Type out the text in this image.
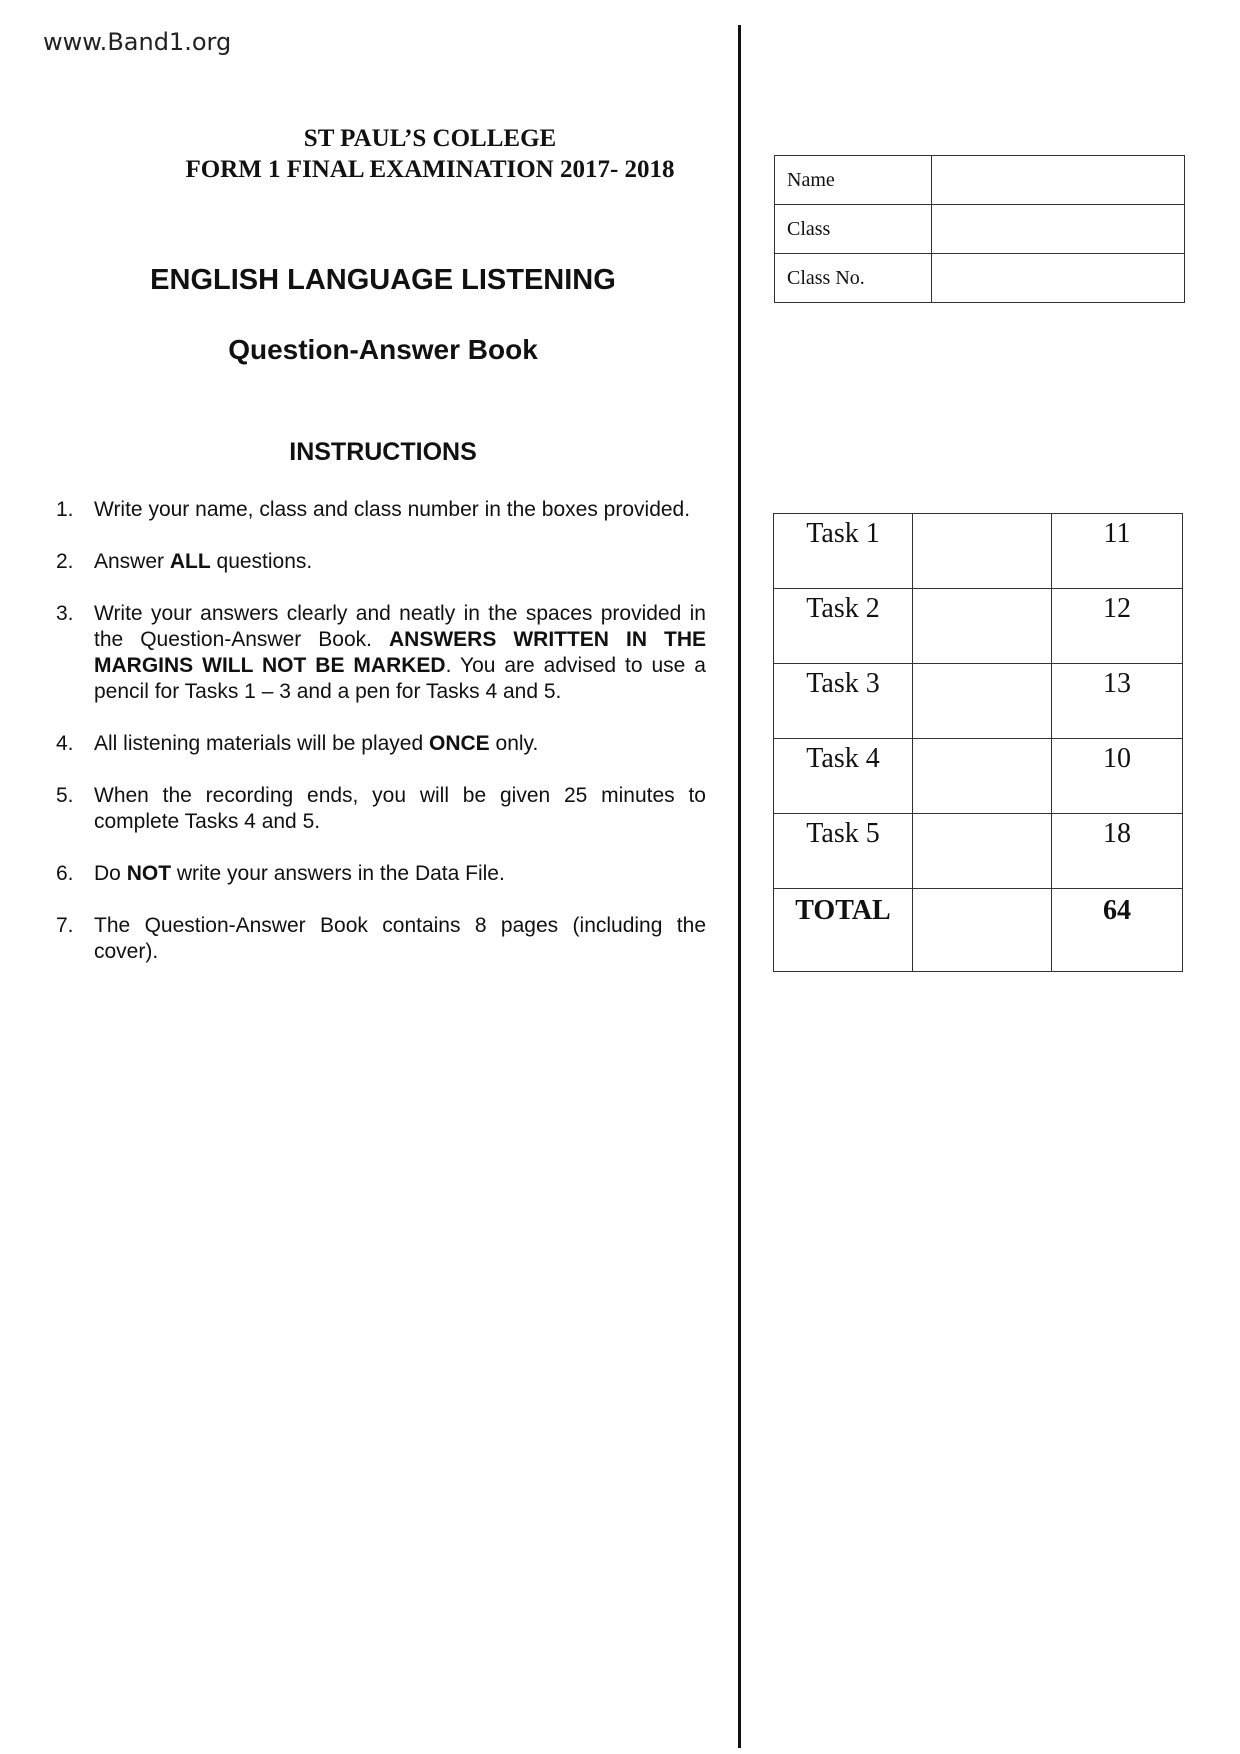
www.Band1.org
ST PAUL’S COLLEGE
FORM 1 FINAL EXAMINATION 2017- 2018
ENGLISH LANGUAGE LISTENING
Question-Answer Book
INSTRUCTIONS
1. Write your name, class and class number in the boxes provided.
2. Answer ALL questions.
3. Write your answers clearly and neatly in the spaces provided in the Question-Answer Book. ANSWERS WRITTEN IN THE MARGINS WILL NOT BE MARKED. You are advised to use a pencil for Tasks 1 – 3 and a pen for Tasks 4 and 5.
4. All listening materials will be played ONCE only.
5. When the recording ends, you will be given 25 minutes to complete Tasks 4 and 5.
6. Do NOT write your answers in the Data File.
7. The Question-Answer Book contains 8 pages (including the cover).
Name	
Class	
Class No.	
Task 1		11
Task 2		12
Task 3		13
Task 4		10
Task 5		18
TOTAL		64
